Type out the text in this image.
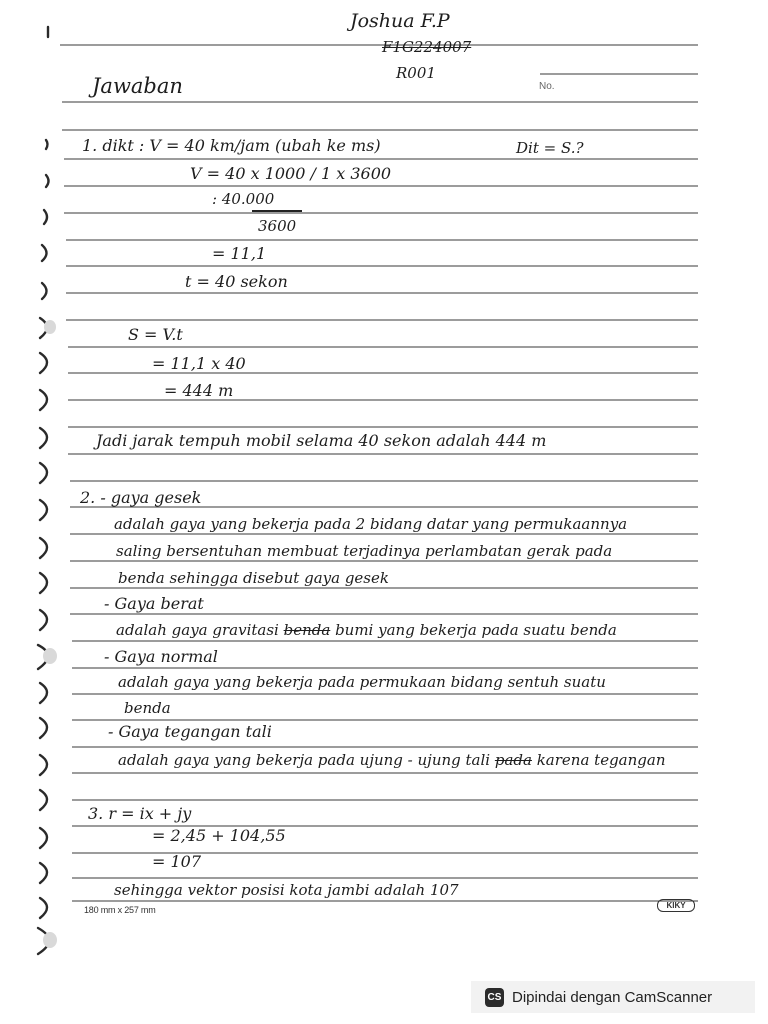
Joshua F.P
F1G224007
R001
Jawaban	No.
1. dikt : V = 40 km/jam (ubah ke ms)	Dit = S.?
V = 40 x 1000 / 1 x 3600
: 40.000
3600
= 11,1
t = 40 sekon
S = V.t
= 11,1 x 40
= 444 m
Jadi jarak tempuh mobil selama 40 sekon adalah 444 m
2. - gaya gesek
adalah gaya yang bekerja pada 2 bidang datar yang permukaannya
saling bersentuhan membuat terjadinya perlambatan gerak pada
benda sehingga disebut gaya gesek
- Gaya berat
adalah gaya gravitasi benda bumi yang bekerja pada suatu benda
- Gaya normal
adalah gaya yang bekerja pada permukaan bidang sentuh suatu
benda
- Gaya tegangan tali
adalah gaya yang bekerja pada ujung - ujung tali pada karena tegangan
3. r = ix + jy
= 2,45 + 104,55
= 107
sehingga vektor posisi kota jambi adalah 107
180 mm x 257 mm	KIKY
CS Dipindai dengan CamScanner
